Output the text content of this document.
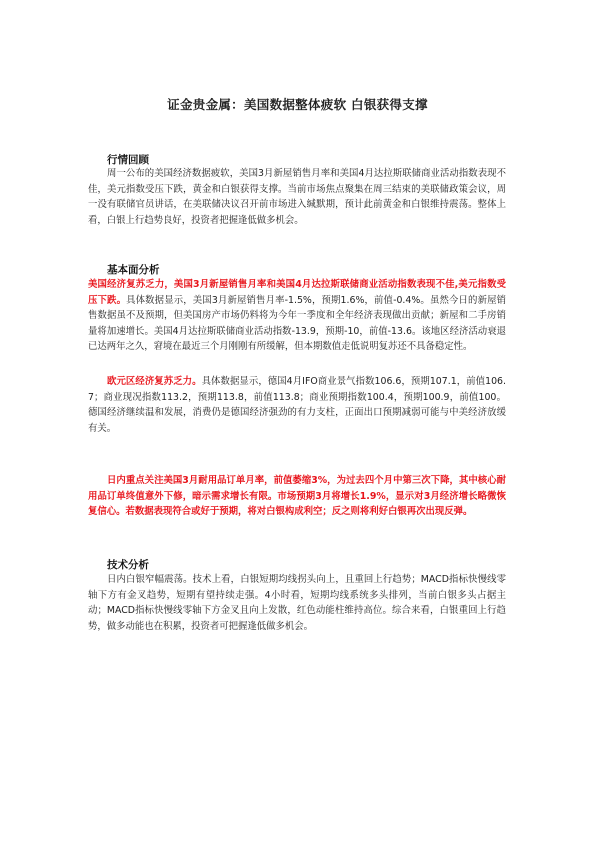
证金贵金属：美国数据整体疲软 白银获得支撑
行情回顾
周一公布的美国经济数据疲软，美国3月新屋销售月率和美国4月达拉斯联储商业活动指数表现不佳，美元指数受压下跌，黄金和白银获得支撑。当前市场焦点聚集在周三结束的美联储政策会议，周一没有联储官员讲话，在美联储决议召开前市场进入缄默期，预计此前黄金和白银维持震荡。整体上看，白银上行趋势良好，投资者把握逢低做多机会。
基本面分析
美国经济复苏乏力，美国3月新屋销售月率和美国4月达拉斯联储商业活动指数表现不佳,美元指数受压下跌。具体数据显示，美国3月新屋销售月率-1.5%，预期1.6%，前值-0.4%。虽然今日的新屋销售数据虽不及预期，但美国房产市场仍料将为今年一季度和全年经济表现做出贡献；新屋和二手房销量将加速增长。美国4月达拉斯联储商业活动指数-13.9，预期-10，前值-13.6。该地区经济活动衰退已达两年之久，窘境在最近三个月刚刚有所缓解，但本期数值走低说明复苏还不具备稳定性。
欧元区经济复苏乏力。具体数据显示，德国4月IFO商业景气指数106.6，预期107.1，前值106.7；商业现况指数113.2，预期113.8，前值113.8；商业预期指数100.4，预期100.9，前值100。德国经济继续温和发展，消费仍是德国经济强劲的有力支柱，正面出口预期减弱可能与中美经济放缓有关。
日内重点关注美国3月耐用品订单月率，前值萎缩3%，为过去四个月中第三次下降，其中核心耐用品订单终值意外下修，暗示需求增长有限。市场预期3月将增长1.9%，显示对3月经济增长略微恢复信心。若数据表现符合或好于预期，将对白银构成利空；反之则将利好白银再次出现反弹。
技术分析
日内白银窄幅震荡。技术上看，白银短期均线拐头向上，且重回上行趋势；MACD指标快慢线零轴下方有金叉趋势，短期有望持续走强。4小时看，短期均线系统多头排列，当前白银多头占据主动；MACD指标快慢线零轴下方金叉且向上发散，红色动能柱维持高位。综合来看，白银重回上行趋势，做多动能也在积累，投资者可把握逢低做多机会。
